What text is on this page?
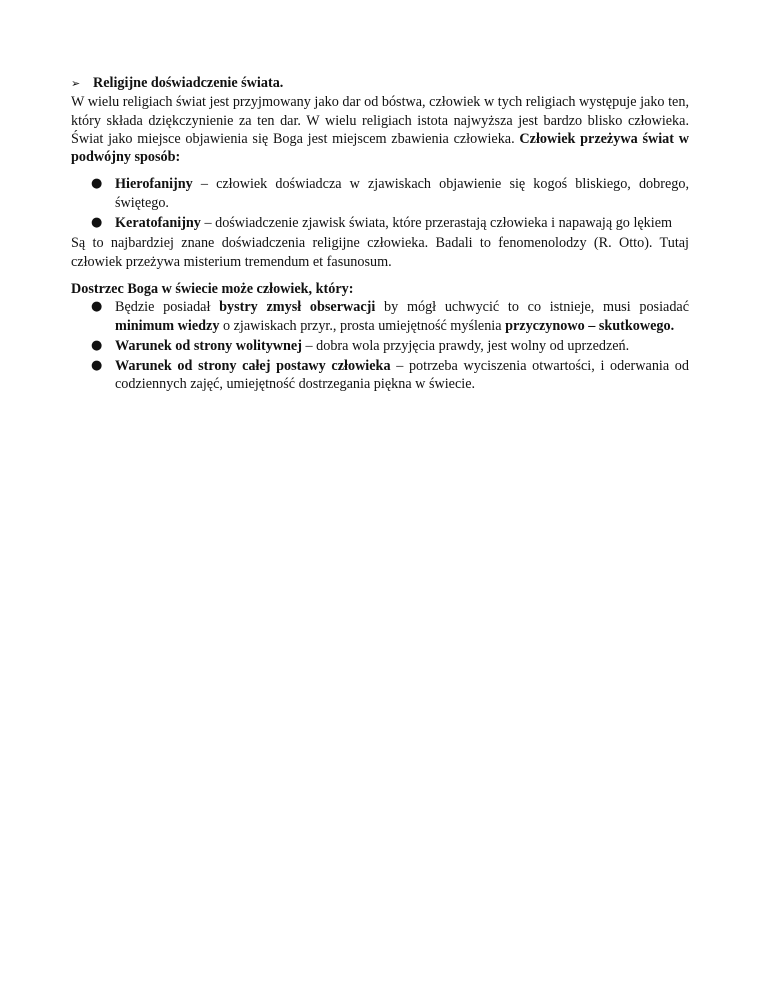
➢ Religijne doświadczenie świata.

W wielu religiach świat jest przyjmowany jako dar od bóstwa, człowiek w tych religiach występuje jako ten, który składa dziękczynienie za ten dar. W wielu religiach istota najwyższa jest bardzo blisko człowieka. Świat jako miejsce objawienia się Boga jest miejscem zbawienia człowieka. Człowiek przeżywa świat w podwójny sposób:

● Hierofanijny – człowiek doświadcza w zjawiskach objawienie się kogoś bliskiego, dobrego, świętego.
● Keratofanijny – doświadczenie zjawisk świata, które przerastają człowieka i napawają go lękiem

Są to najbardziej znane doświadczenia religijne człowieka. Badali to fenomenolodzy (R. Otto). Tutaj człowiek przeżywa misterium tremendum et fasunosum.

Dostrzec Boga w świecie może człowiek, który:
● Będzie posiadał bystry zmysł obserwacji by mógł uchwycić to co istnieje, musi posiadać minimum wiedzy o zjawiskach przyr., prosta umiejętność myślenia przyczynowo – skutkowego.
● Warunek od strony wolitywnej – dobra wola przyjęcia prawdy, jest wolny od uprzedzeń.
● Warunek od strony całej postawy człowieka – potrzeba wyciszenia otwartości, i oderwania od codziennych zajęć, umiejętność dostrzegania piękna w świecie.
